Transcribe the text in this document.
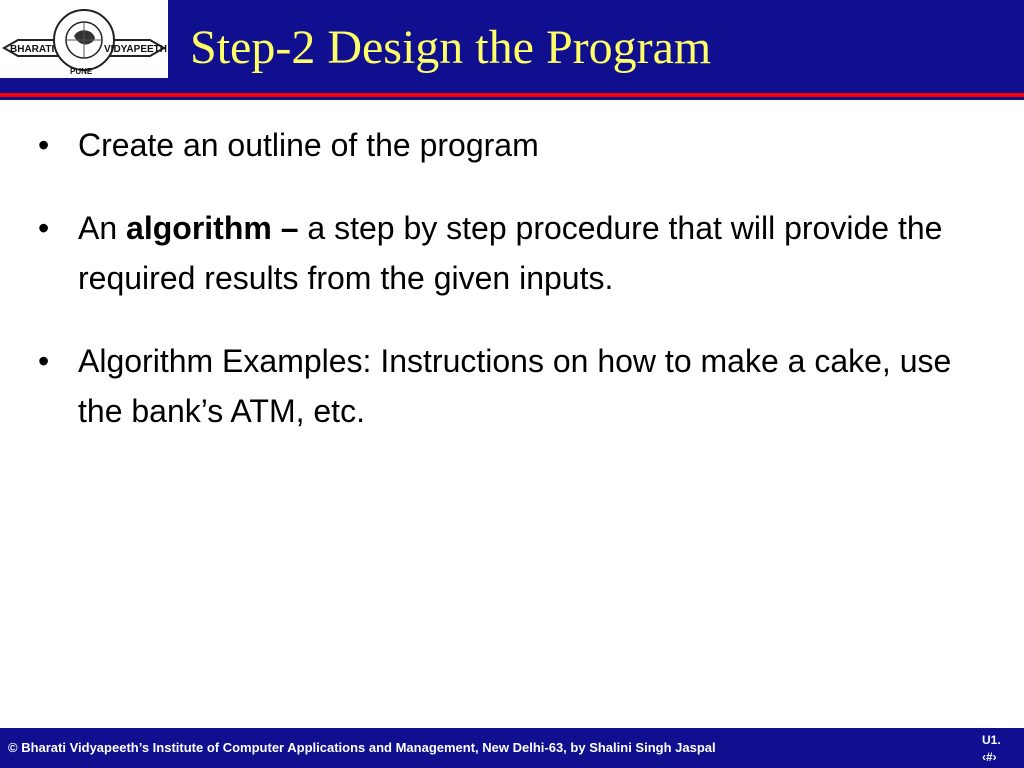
BHARATI	VIDYAPEETH
PUNE Step-2 Design the Program
• Create an outline of the program
• An algorithm – a step by step procedure that will provide the required results from the given inputs.
• Algorithm Examples: Instructions on how to make a cake, use the bank’s ATM, etc.
© Bharati Vidyapeeth’s Institute of Computer Applications and Management, New Delhi-63, by Shalini Singh Jaspal	U1.
‹#›
